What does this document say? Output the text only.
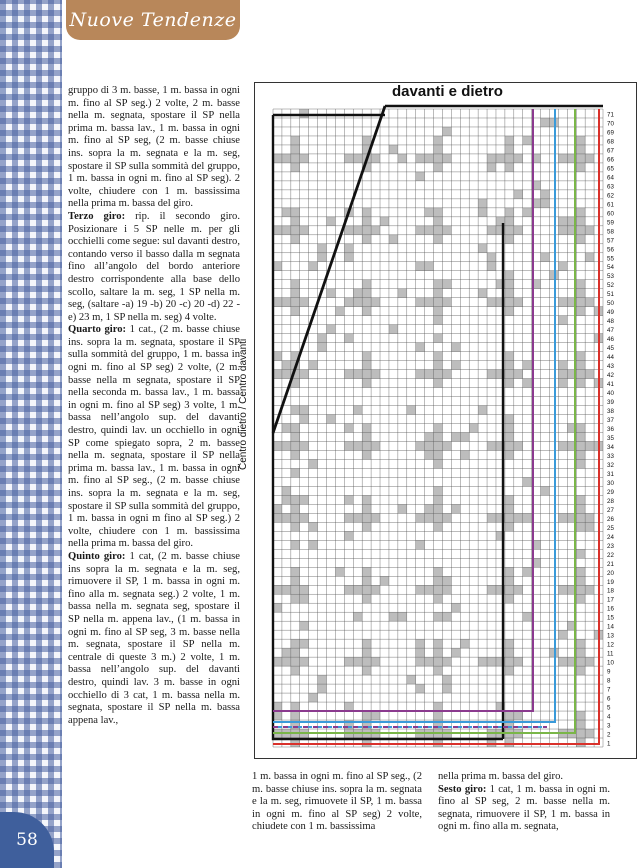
Nuove Tendenze
gruppo di 3 m. basse, 1 m. bassa in ogni m. fino al SP seg.) 2 volte, 2 m. basse nella m. segnata, spostare il SP nella prima m. bassa lav., 1 m. bassa in ogni m. fino al SP seg, (2 m. basse chiuse ins. sopra la m. segnata e la m. seg, spostare il SP sulla sommità del gruppo, 1 m. bassa in ogni m. fino al SP seg). 2 volte, chiudere con 1 m. bassissima nella prima m. bassa del giro.
Terzo giro: rip. il secondo giro. Posizionare i 5 SP nelle m. per gli occhielli come segue: sul davanti destro, contando verso il basso dalla m segnata fino all’angolo del bordo anteriore destro corrispondente alla base dello scollo, saltare la m. seg, 1 SP nella m. seg, (saltare -a) 19 -b) 20 -c) 20 -d) 22 -e) 23 m, 1 SP nella m. seg) 4 volte.
Quarto giro: 1 cat., (2 m. basse chiuse ins. sopra la m. segnata, spostare il SP sulla sommità del gruppo, 1 m. bassa in ogni m. fino al SP seg) 2 volte, (2 m. basse nella m segnata, spostare il SP nella seconda m. bassa lav., 1 m. bassa in ogni m. fino al SP seg) 3 volte, 1 m. bassa nell’angolo sup. del davanti destro, quindi lav. un occhiello in ogni SP come spiegato sopra, 2 m. basse nella m. segnata, spostare il SP nella prima m. bassa lav., 1 m. bassa in ogni m. fino al SP seg., (2 m. basse chiuse ins. sopra la m. segnata e la m. seg, spostare il SP sulla sommità del gruppo, 1 m. bassa in ogni m fino al SP seg.) 2 volte, chiudere con 1 m. bassissima nella prima m. bassa del giro.
Quinto giro: 1 cat, (2 m. basse chiuse ins sopra la m. segnata e la m. seg, rimuovere il SP, 1 m. bassa in ogni m. fino alla m. segnata seg.) 2 volte, 1 m. bassa nella m. segnata seg, spostare il SP nella m. appena lav., (1 m. bassa in ogni m. fino al SP seg, 3 m. basse nella m. segnata, spostare il SP nella m. centrale di queste 3 m.) 2 volte, 1 m. bassa nell’angolo sup. del davanti destro, quindi lav. 3 m. basse in ogni occhiello di 3 cat, 1 m. bassa nella m. segnata, spostare il SP nella m. bassa appena lav.,
1
2
3
4
5
6
7
8
9
10
11
12
13
14
15
16
17
18
19
20
21
22
23
24
25
26
27
28
29
30
31
32
33
34
35
36
37
38
39
40
41
42
43
44
45
46
47
48
49
50
51
52
53
54
55
56
57
58
59
60
61
62
63
64
65
66
67
68
69
70
71
davanti e dietro
Centro dietro / Centro davanti
1 m. bassa in ogni m. fino al SP seg., (2 m. basse chiuse ins. sopra la m. segnata e la m. seg, rimuovete il SP, 1 m. bassa in ogni m. fino al SP seg) 2 volte, chiudete con 1 m. bassissima
nella prima m. bassa del giro.
Sesto giro: 1 cat, 1 m. bassa in ogni m. fino al SP seg, 2 m. basse nella m. segnata, rimuovere il SP, 1 m. bassa in ogni m. fino alla m. segnata,
58
